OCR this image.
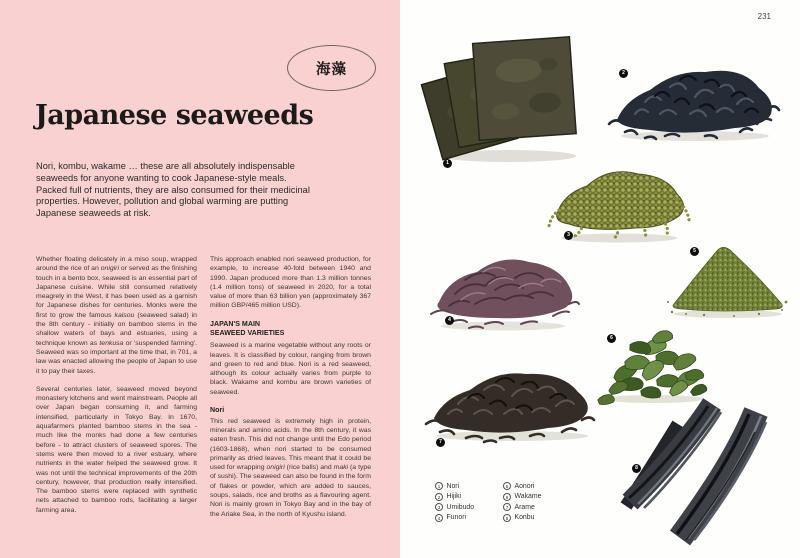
海藻
Japanese seaweeds

Nori, kombu, wakame … these are all absolutely indispensable seaweeds for anyone wanting to cook Japanese-style meals. Packed full of nutrients, they are also consumed for their medicinal properties. However, pollution and global warming are putting Japanese seaweeds at risk.

Whether floating delicately in a miso soup, wrapped around the rice of an onigiri or served as the finishing touch in a bento box, seaweed is an essential part of Japanese cuisine. While still consumed relatively meagrely in the West, it has been used as a garnish for Japanese dishes for centuries. Monks were the first to grow the famous kaisou (seaweed salad) in the 8th century - initially on bamboo stems in the shallow waters of bays and estuaries, using a technique known as tenkusa or 'suspended farming'. Seaweed was so important at the time that, in 701, a law was enacted allowing the people of Japan to use it to pay their taxes.

Several centuries later, seaweed moved beyond monastery kitchens and went mainstream. People all over Japan began consuming it, and farming intensified, particularly in Tokyo Bay. In 1670, aquafarmers planted bamboo stems in the sea - much like the monks had done a few centuries before - to attract clusters of seaweed spores. The stems were then moved to a river estuary, where nutrients in the water helped the seaweed grow. It was not until the technical improvements of the 20th century, however, that production really intensified. The bamboo stems were replaced with synthetic nets attached to bamboo rods, facilitating a larger farming area.

This approach enabled nori seaweed production, for example, to increase 40-fold between 1940 and 1990. Japan produced more than 1.3 million tonnes (1.4 million tons) of seaweed in 2020, for a total value of more than 63 billion yen (approximately 367 million GBP/465 million USD).

JAPAN'S MAIN
SEAWEED VARIETIES

Seaweed is a marine vegetable without any roots or leaves. It is classified by colour, ranging from brown and green to red and blue. Nori is a red seaweed, although its colour actually varies from purple to black. Wakame and kombu are brown varieties of seaweed.

Nori

This red seaweed is extremely high in protein, minerals and amino acids. In the 8th century, it was eaten fresh. This did not change until the Edo period (1603-1868), when nori started to be consumed primarily as dried leaves. This meant that it could be used for wrapping onigiri (rice balls) and maki (a type of sushi). The seaweed can also be found in the form of flakes or powder, which are added to sauces, soups, salads, rice and broths as a flavouring agent. Nori is mainly grown in Tokyo Bay and in the bay of the Ariake Sea, in the north of Kyushu island.

231
1
2
3
4
5
6
7
8
1 Nori
2 Hijiki
3 Umibudo
4 Funori
5 Aonori
6 Wakame
7 Arame
8 Konbu
